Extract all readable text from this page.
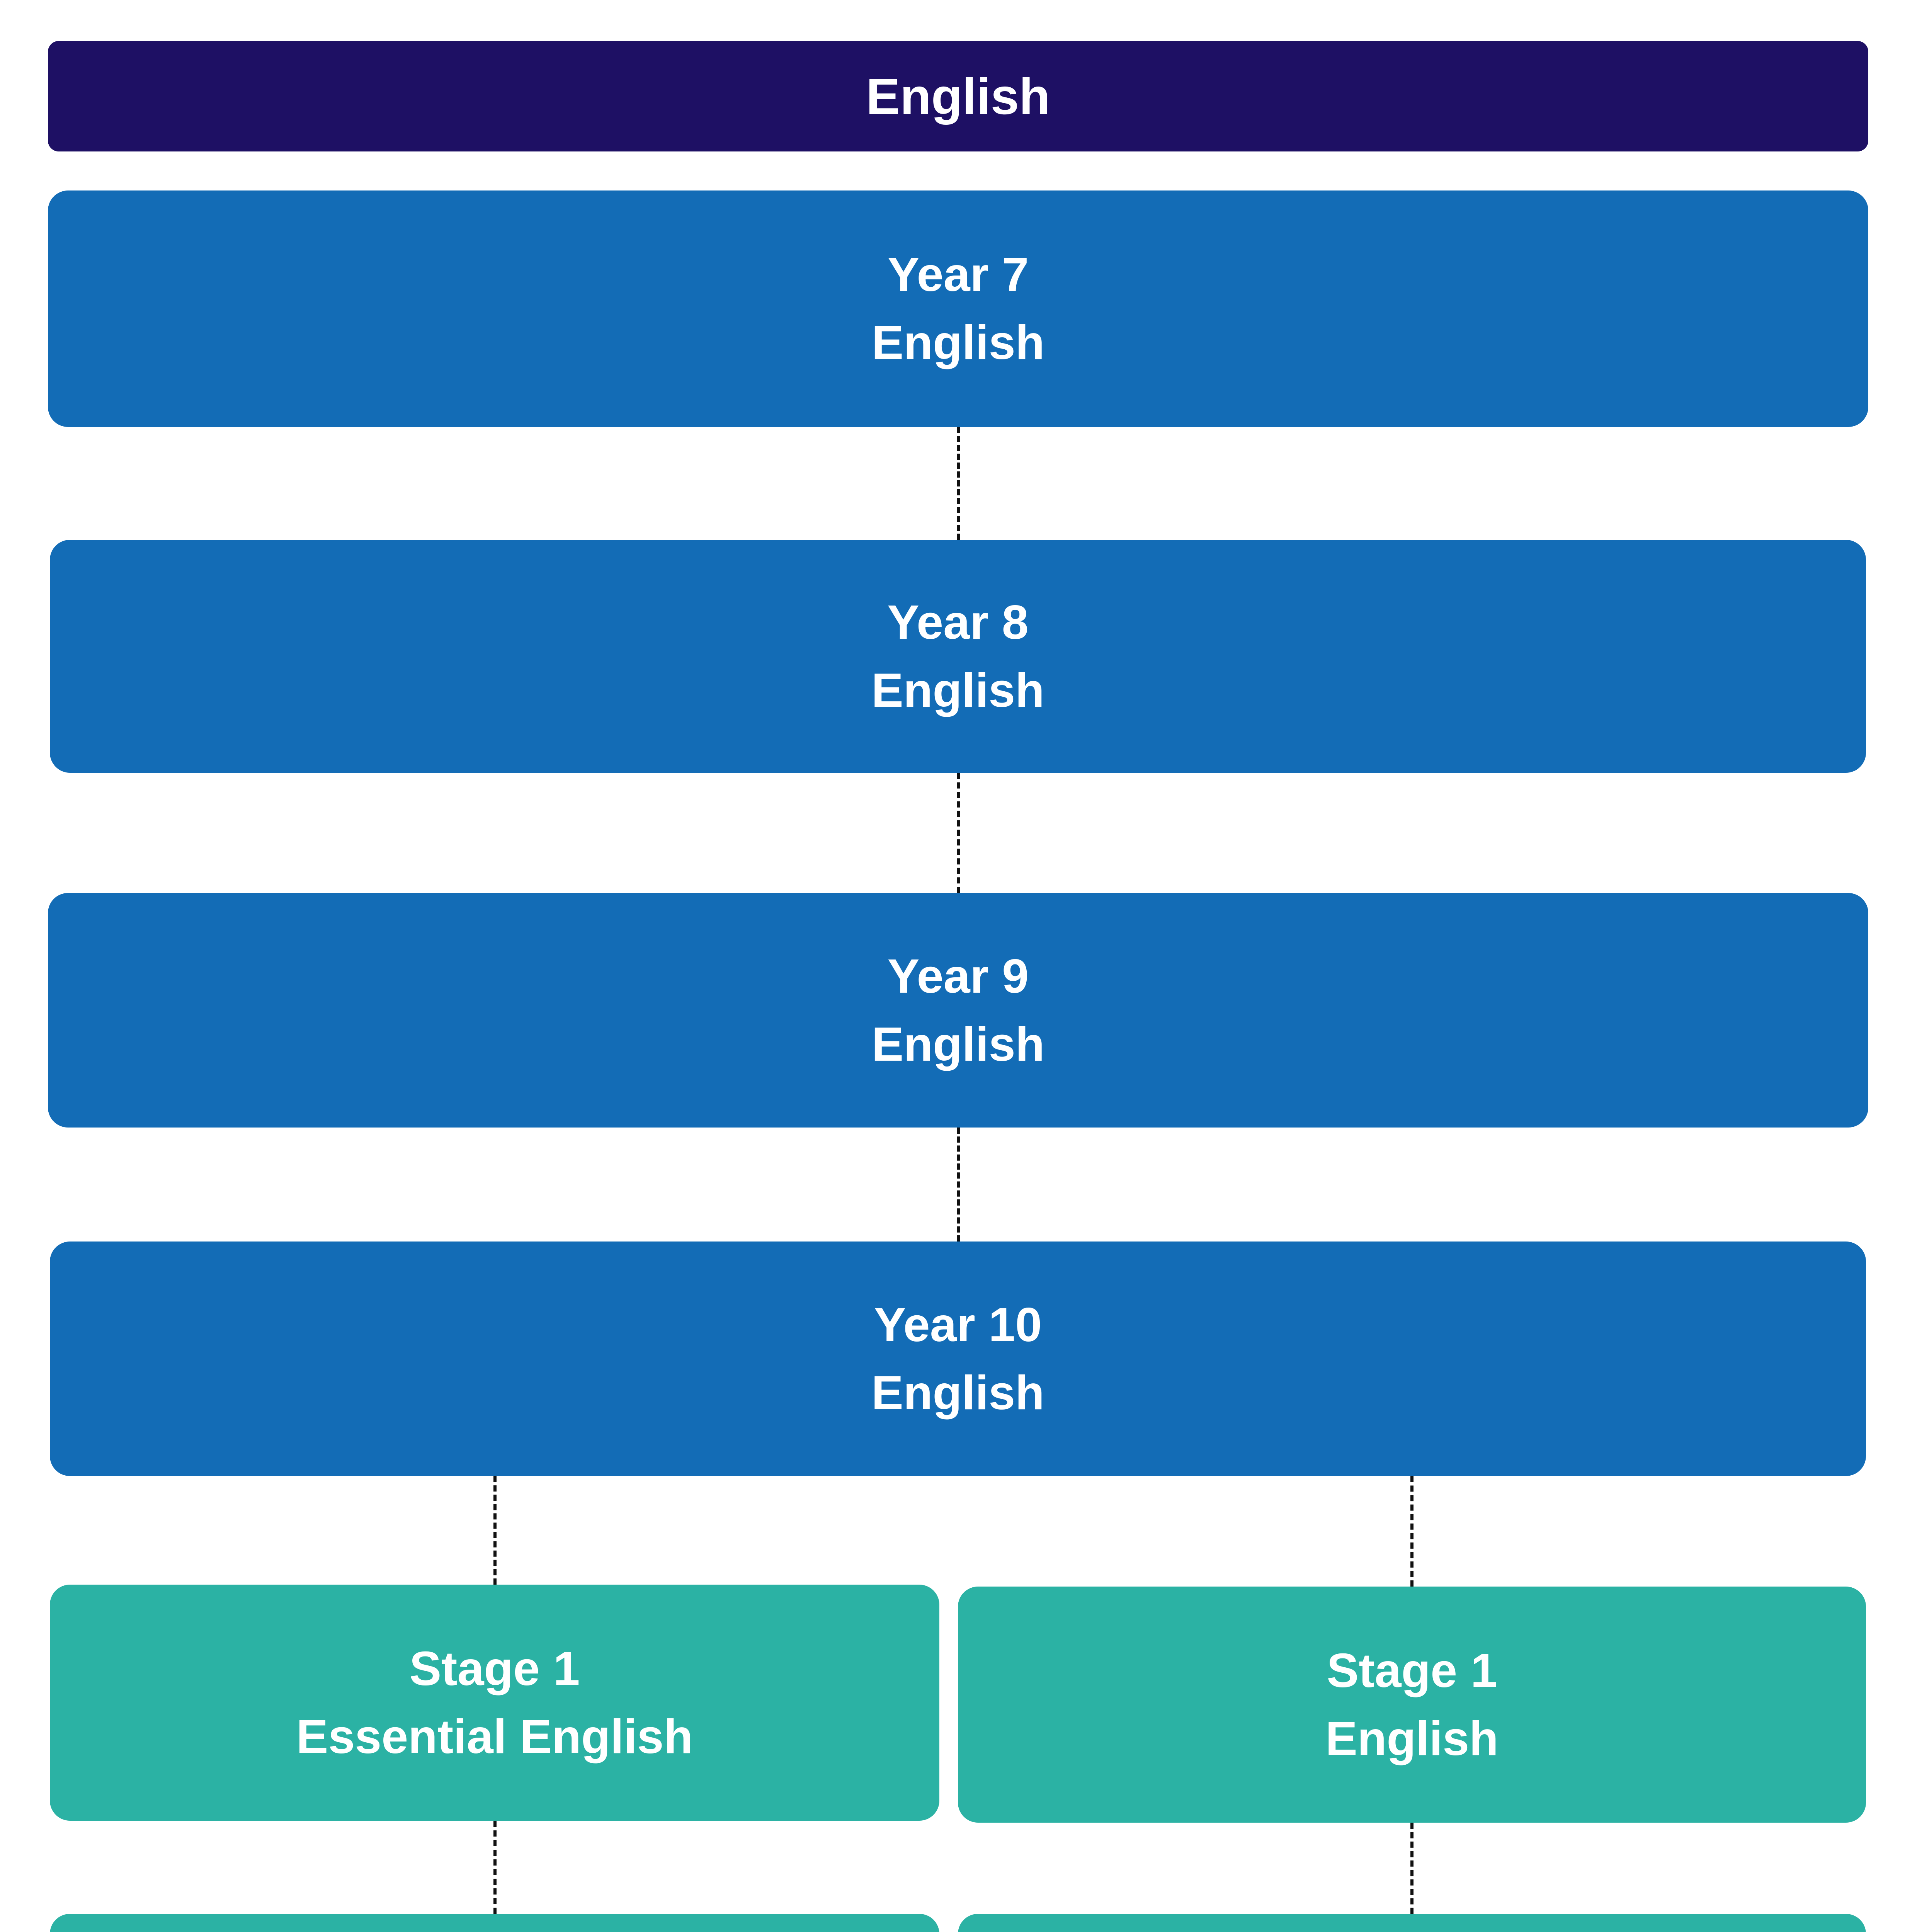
English
Year 7
English
Year 8
English
Year 9
English
Year 10
English
Stage 1
Essential English
Stage 1
English
